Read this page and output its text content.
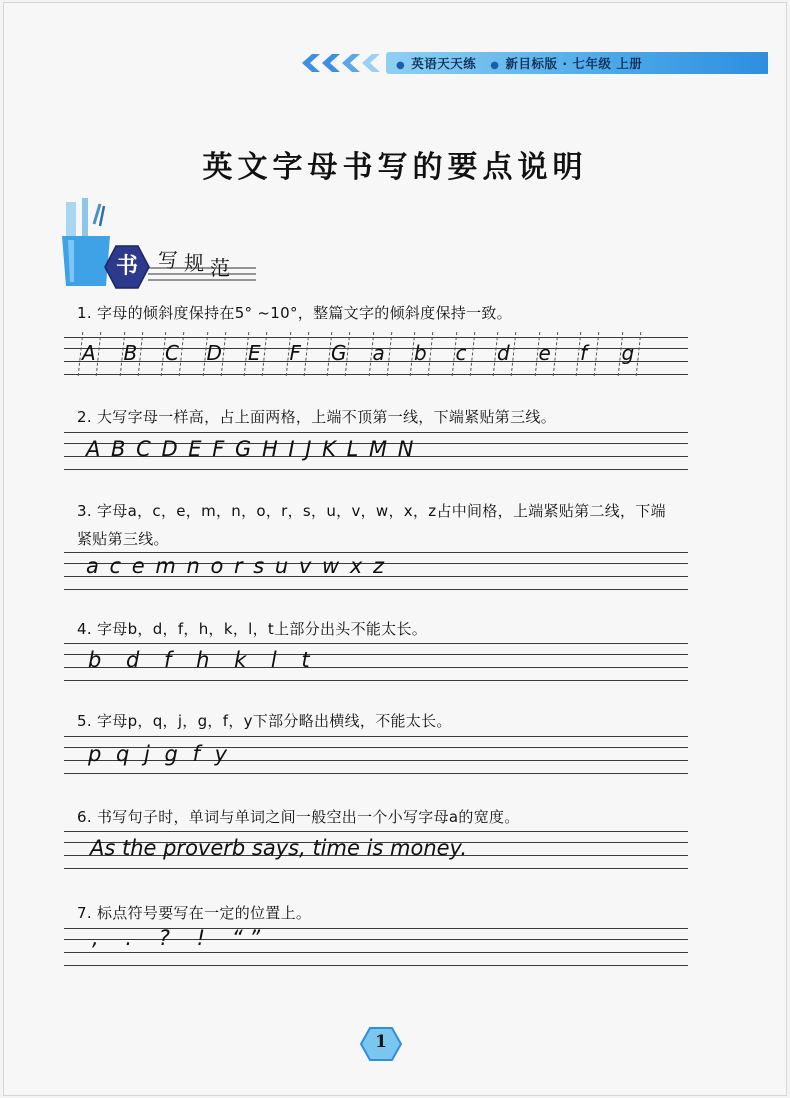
● 英语天天练 ● 新目标版 · 七年级 上册
英文字母书写的要点说明
书	写规范
1. 字母的倾斜度保持在5° ~10°，整篇文字的倾斜度保持一致。
A B C D E F G a b c d e f g
2. 大写字母一样高，占上面两格，上端不顶第一线，下端紧贴第三线。
A B C D E F G H I J K L M N
3. 字母a，c，e，m，n，o，r，s，u，v，w，x，z占中间格，上端紧贴第二线，下端紧贴第三线。
a c e m n o r s u v w x z
4. 字母b，d，f，h，k，l，t上部分出头不能太长。
b d f h k l t
5. 字母p，q，j，g，f，y下部分略出横线，不能太长。
p q j g f y
6. 书写句子时，单词与单词之间一般空出一个小写字母a的宽度。
As the proverb says, time is money.
7. 标点符号要写在一定的位置上。
,    .    ?    !    “ ”
1
